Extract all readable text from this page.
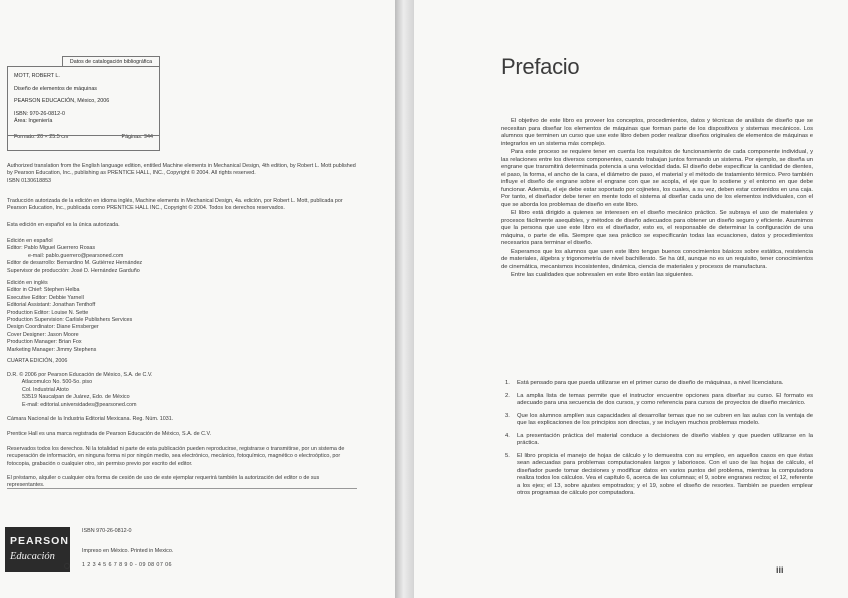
Datos de catalogación bibliográfica

MOTT, ROBERT L.

Diseño de elementos de máquinas

PEARSON EDUCACIÓN, México, 2006

ISBN: 970-26-0812-0

Área: Ingeniería

Formato: 20 × 25.5 cm	Páginas: 944

Authorized translation from the English language edition, entitled Machine elements in Mechanical Design, 4th edition, by Robert L. Mott published by Pearson Education, Inc., publishing as PRENTICE HALL, INC., Copyright © 2004. All rights reserved.

ISBN 0130618853

Traducción autorizada de la edición en idioma inglés, Machine elements in Mechanical Design, 4a. edición, por Robert L. Mott, publicada por Pearson Education, Inc., publicada como PRENTICE HALL INC., Copyright © 2004. Todos los derechos reservados.

Esta edición en español es la única autorizada.

Edición en español

Editor: Pablo Miguel Guerrero Rosas

e-mail: pablo.guerrero@pearsoned.com

Editor de desarrollo: Bernardino M. Gutiérrez Hernández

Supervisor de producción: José D. Hernández Garduño

Edición en inglés

Editor in Chief: Stephen Helba

Executive Editor: Debbie Yarnell

Editorial Assistant: Jonathan Tenthoff

Production Editor: Louise N. Sette

Production Supervision: Carlisle Publishers Services

Design Coordinator: Diane Ernsberger

Cover Designer: Jason Moore

Production Manager: Brian Fox

Marketing Manager: Jimmy Stephens

CUARTA EDICIÓN, 2006

D.R. © 2006 por Pearson Educación de México, S.A. de C.V.

Atlacomulco No. 500-5o. piso

Col. Industrial Atoto

53519 Naucalpan de Juárez, Edo. de México

E-mail: editorial.universidades@pearsoned.com

Cámara Nacional de la Industria Editorial Mexicana. Reg. Núm. 1031.
Prentice Hall es una marca registrada de Pearson Educación de México, S.A. de C.V.
Reservados todos los derechos. Ni la totalidad ni parte de esta publicación pueden reproducirse, registrarse o transmitirse, por un sistema de recuperación de información, en ninguna forma ni por ningún medio, sea electrónico, mecánico, fotoquímico, magnético o electroóptico, por fotocopia, grabación o cualquier otro, sin permiso previo por escrito del editor.
El préstamo, alquiler o cualquier otra forma de cesión de uso de este ejemplar requerirá también la autorización del editor o de sus representantes.
PEARSON
Educación
®
ISBN 970-26-0812-0
Impreso en México. Printed in Mexico.
1 2 3 4 5 6 7 8 9 0 - 09 08 07 06
Prefacio

El objetivo de este libro es proveer los conceptos, procedimientos, datos y técnicas de análisis de diseño que se necesitan para diseñar los elementos de máquinas que forman parte de los dispositivos y sistemas mecánicos. Los alumnos que terminen un curso que use este libro deben poder realizar diseños originales de elementos de máquinas e integrarlos en un sistema más complejo.

Para este proceso se requiere tener en cuenta los requisitos de funcionamiento de cada componente individual, y las relaciones entre los diversos componentes, cuando trabajan juntos formando un sistema. Por ejemplo, se diseña un engrane que transmitirá determinada potencia a una velocidad dada. El diseño debe especificar la cantidad de dientes, el paso, la forma, el ancho de la cara, el diámetro de paso, el material y el método de tratamiento térmico. Pero también influye el diseño de engrane sobre el engrane con que se acopla, el eje que lo sostiene y el entorno en que debe funcionar. Además, el eje debe estar soportado por cojinetes, los cuales, a su vez, deben estar contenidos en una caja. Por tanto, el diseñador debe tener en mente todo el sistema al diseñar cada uno de los elementos individuales, con el que se aborda los problemas de diseño en este libro.

El libro está dirigido a quienes se interesen en el diseño mecánico práctico. Se subraya el uso de materiales y procesos fácilmente asequibles, y métodos de diseño adecuados para obtener un diseño seguro y eficiente. Asumimos que la persona que use este libro es el diseñador, esto es, el responsable de determinar la configuración de una máquina, o parte de ella. Siempre que sea práctico se especificarán todas las ecuaciones, datos y procedimientos necesarios para terminar el diseño.

Esperamos que los alumnos que usen este libro tengan buenos conocimientos básicos sobre estática, resistencia de materiales, álgebra y trigonometría de nivel bachillerato. Se ha útil, aunque no es un requisito, tener conocimientos de cinemática, mecanismos incosistentes, dinámica, ciencia de materiales y procesos de manufactura.

Entre las cualidades que sobresalen en este libro están las siguientes.

1. Está pensado para que pueda utilizarse en el primer curso de diseño de máquinas, a nivel licenciatura.
2. La amplia lista de temas permite que el instructor encuentre opciones para diseñar su curso. El formato es adecuado para una secuencia de dos cursos, y como referencia para cursos de proyectos de diseño mecánico.
3. Que los alumnos amplíen sus capacidades al desarrollar temas que no se cubren en las aulas con la ventaja de que las explicaciones de los principios son directas, y se incluyen muchos problemas modelo.
4. La presentación práctica del material conduce a decisiones de diseño viables y que pueden utilizarse en la práctica.
5. El libro propicia el manejo de hojas de cálculo y lo demuestra con su empleo, en aquellos casos en que éstas sean adecuadas para problemas computacionales largos y laboriosos. Con el uso de las hojas de cálculo, el diseñador puede tomar decisiones y modificar datos en varios puntos del problema, mientras la computadora realiza todos los cálculos. Vea el capítulo 6, acerca de las columnas; el 9, sobre engranes rectos; el 12, referente a los ejes; el 13, sobre ajustes empotrados; y el 19, sobre el diseño de resortes. También se pueden emplear otros programas de cálculo por computadora.
iii
